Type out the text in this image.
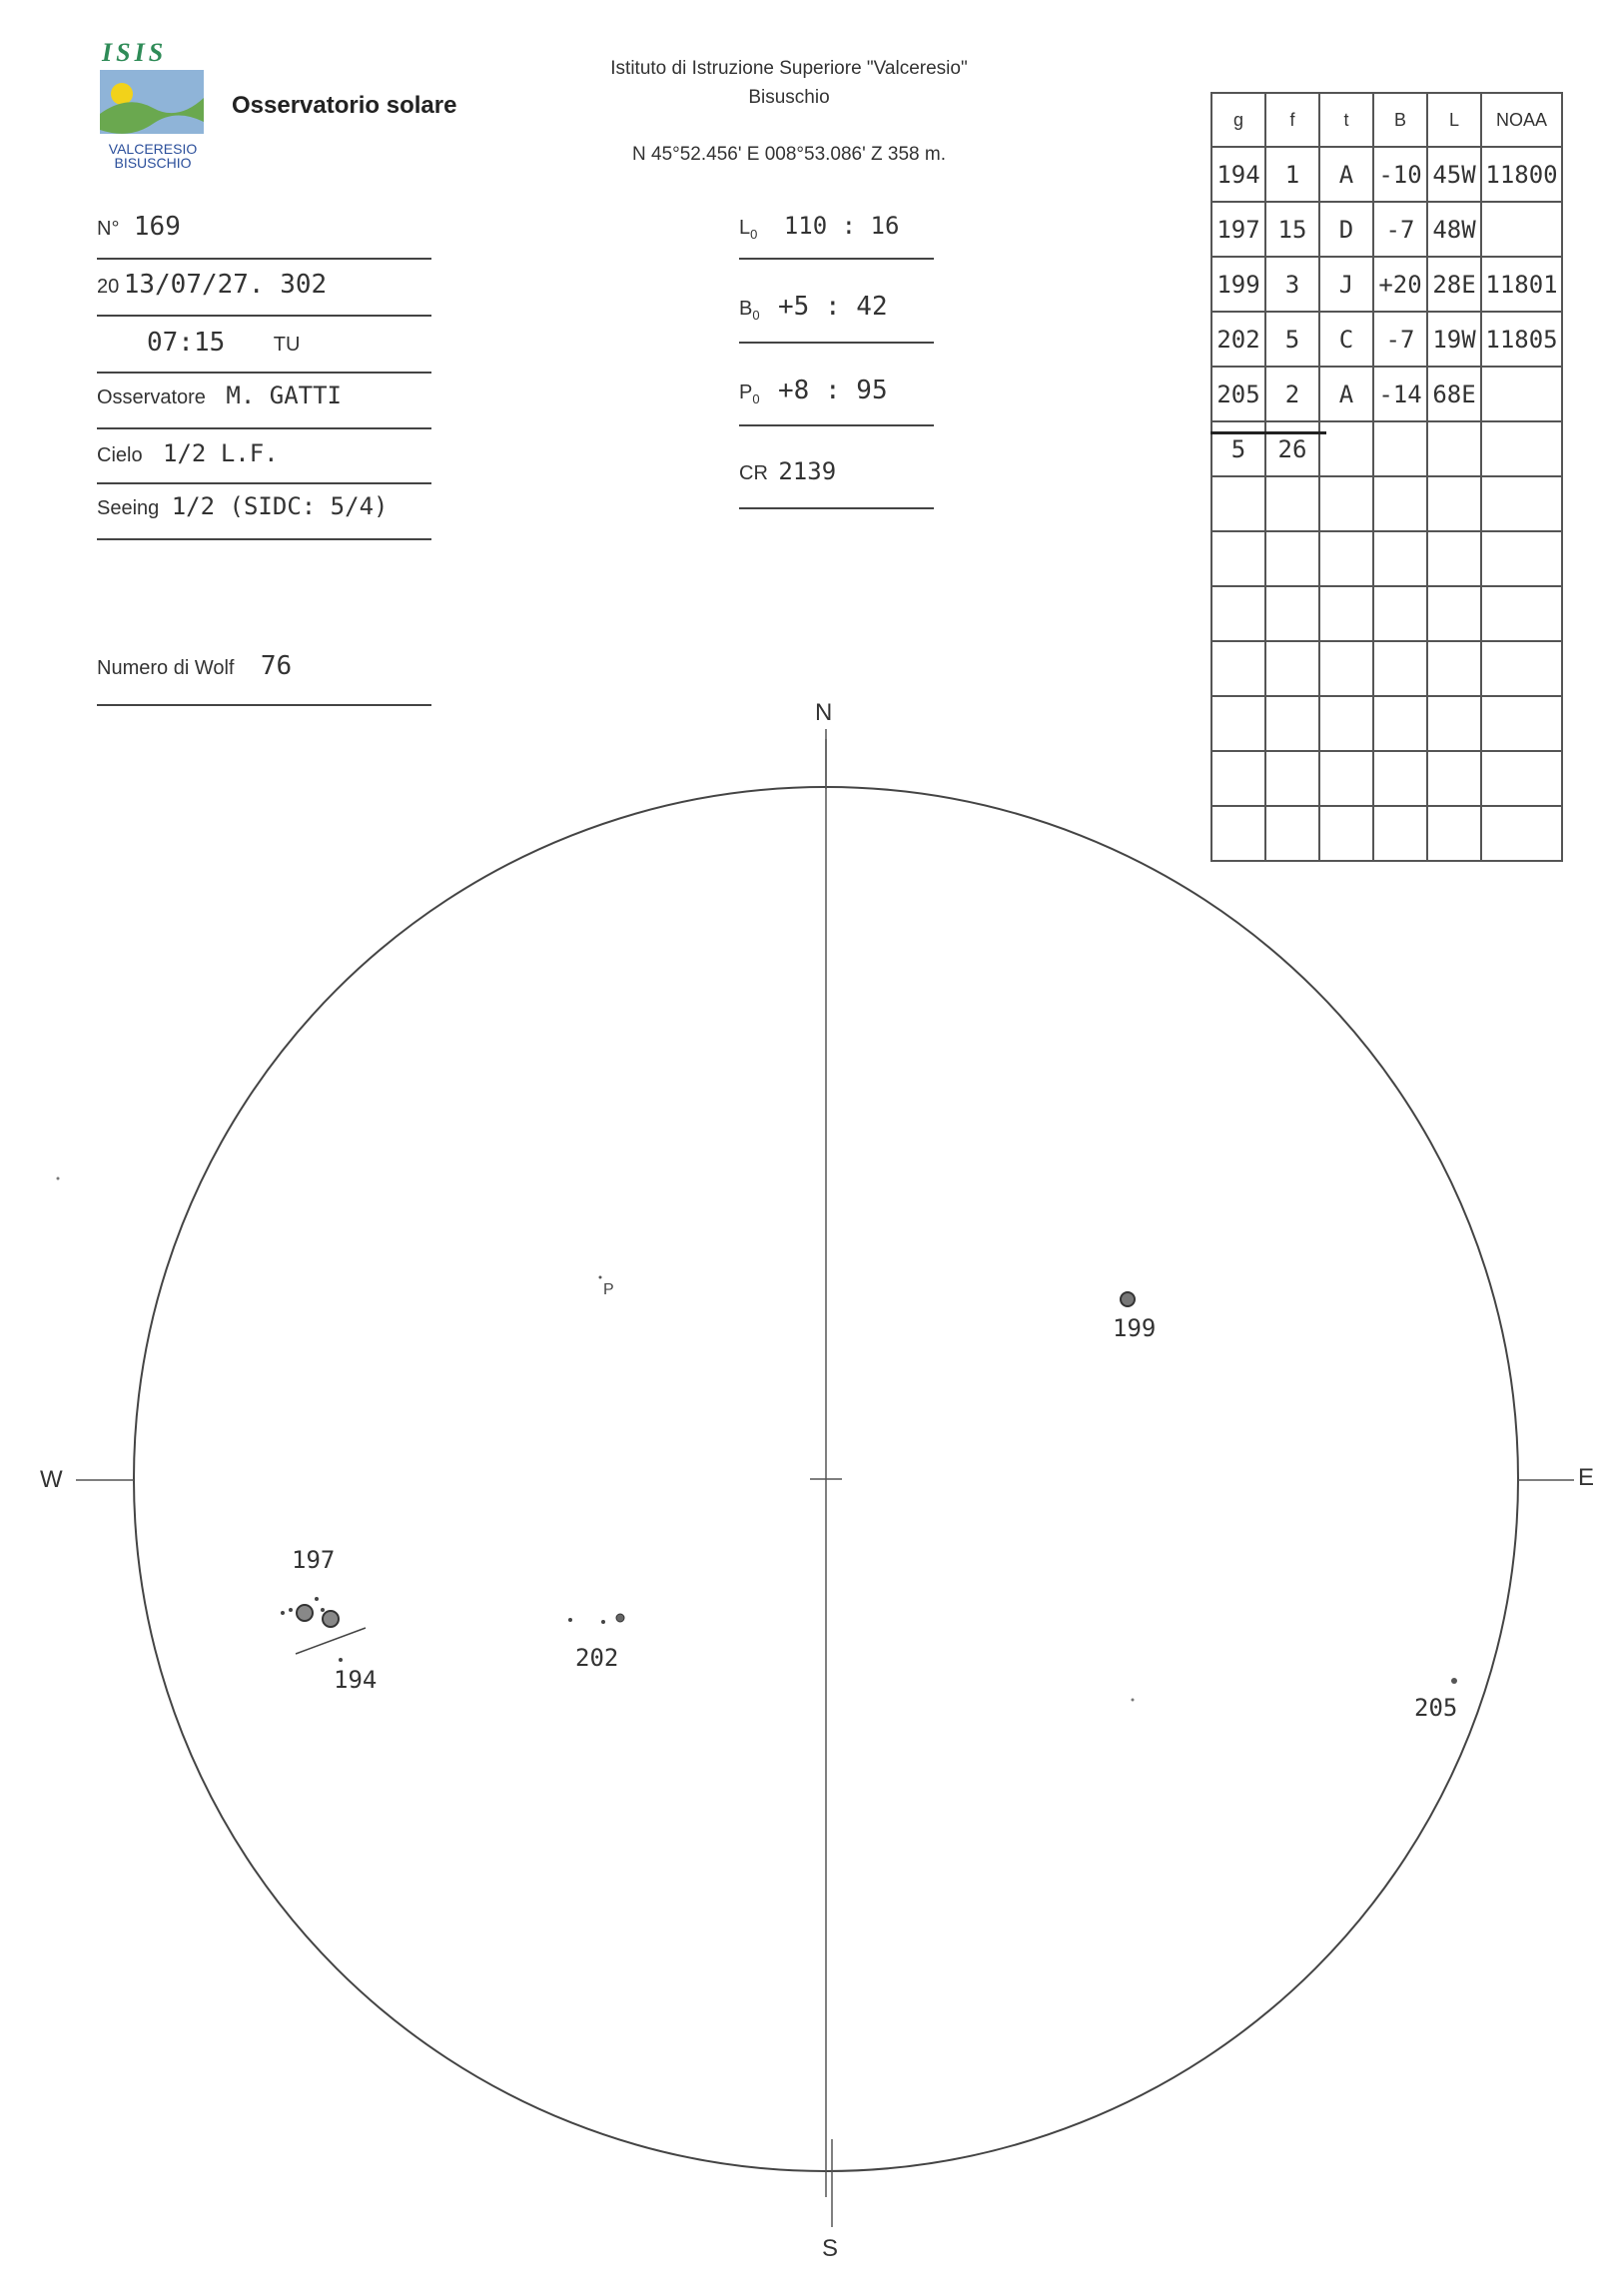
ISIS
VALCERESIO
BISUSCHIO
Osservatorio solare
Istituto di Istruzione Superiore "Valceresio"
Bisuschio
N 45°52.456' E 008°53.086' Z 358 m.
N° 169
20 13/07/27. 302
07:15 TU
Osservatore M. GATTI
Cielo 1/2 L.F.
Seeing 1/2 (SIDC: 5/4)
Numero di Wolf 76
$L_0$ 110 : 16
$B_0 +5$ : 42
$P_0 +8$ : 95
CR 2139
g	f	t	B	L	NOAA
194	1	A	-10	45W	11800
197	15	D	-7	48W	
199	3	J	+20	28E	11801
202	5	C	-7	19W	11805
205	2	A	-14	68E	
5	26				

N
S
W	E
P
199
197
194
202
205
